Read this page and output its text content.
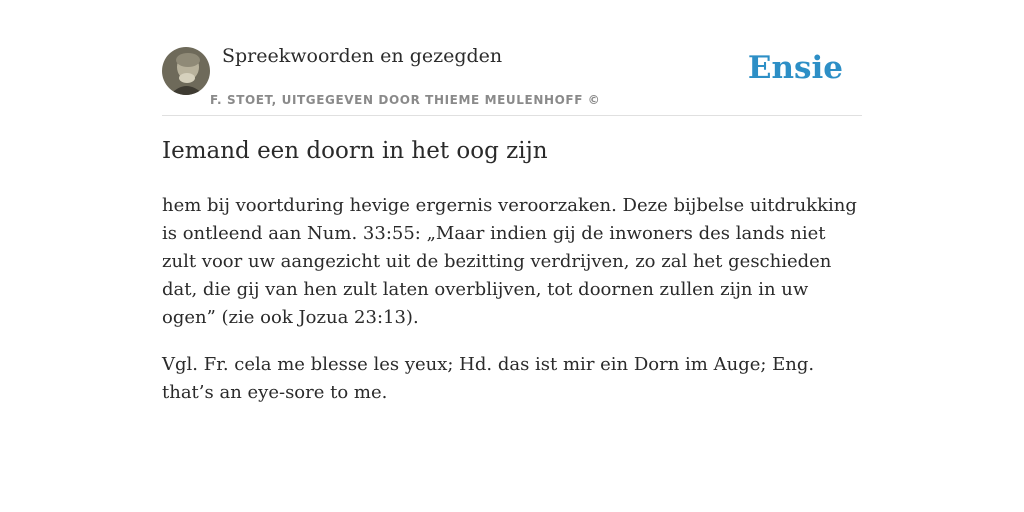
Spreekwoorden en gezegden
F. STOET, UITGEGEVEN DOOR THIEME MEULENHOFF ©
Ensie
Iemand een doorn in het oog zijn

hem bij voortduring hevige ergernis veroorzaken. Deze bijbelse uitdrukking is ontleend aan Num. 33:55: „Maar indien gij de inwoners des lands niet zult voor uw aangezicht uit de bezitting verdrijven, zo zal het geschieden dat, die gij van hen zult laten overblijven, tot doornen zullen zijn in uw ogen” (zie ook Jozua 23:13).

Vgl. Fr. cela me blesse les yeux; Hd. das ist mir ein Dorn im Auge; Eng. that’s an eye-sore to me.
